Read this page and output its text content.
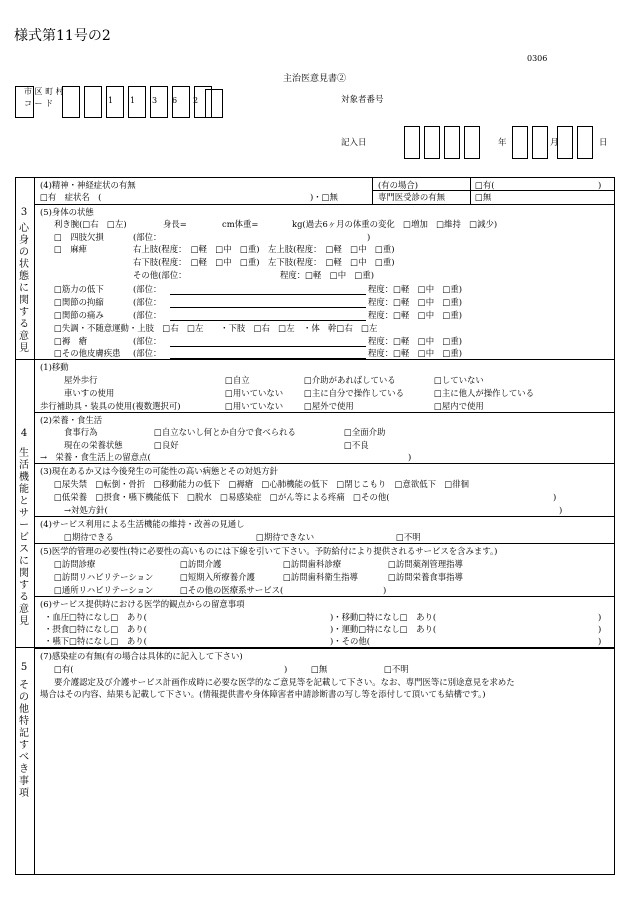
様式第11号の2
0306
主治医意見書②
市 区 町 村
コ ー ド	1 1 3 6 2	対象者番号
記入日	年	月	日
3
心身の状態に関する意見
4
生活機能とサービスに関する意見
5
その他特記すべき事項
(4)精神・神経症状の有無	(有の場合)	□有(	)
□有　症状名　(	)・□無	専門医受診の有無	□無
(5)身体の状態
利き腕(□右　□左)	身長=	cm体重=	kg(過去6ヶ月の体重の変化　□増加　□維持　□減少)
□　四肢欠損	(部位：	)
□　麻痺	右上肢(程度：　□軽　□中　□重)　左上肢(程度：　□軽　□中　□重)
右下肢(程度：　□軽　□中　□重)　左下肢(程度：　□軽　□中　□重)
その他(部位：	程度：□軽　□中　□重)
□筋力の低下	(部位：	程度：□軽　□中　□重)
□関節の拘縮	(部位：	程度：□軽　□中　□重)
□関節の痛み	(部位：	程度：□軽　□中　□重)
□失調・不随意運動・上肢　□右　□左　　・下肢　□右　□左　・体　幹□右　□左
□褥　瘡	(部位：	程度：□軽　□中　□重)
□その他皮膚疾患 (部位：	程度：□軽　□中　□重)
(1)移動
屋外歩行	□自立	□介助があればしている	□していない
車いすの使用	□用いていない □主に自分で操作している	□主に他人が操作している
歩行補助具・装具の使用(複数選択可)	□用いていない □屋外で使用	□屋内で使用
(2)栄養・食生活
食事行為	□自立ないし何とか自分で食べられる	□全面介助
現在の栄養状態	□良好	□不良
→　栄養・食生活上の留意点(	)
(3)現在あるか又は今後発生の可能性の高い病態とその対処方針
□尿失禁　□転倒・骨折　□移動能力の低下　□褥瘡　□心肺機能の低下　□閉じこもり　□意欲低下　□徘徊
□低栄養　□摂食・嚥下機能低下　□脱水　□易感染症　□がん等による疼痛　□その他(	)
→対処方針(	)
(4)サービス利用による生活機能の維持・改善の見通し
□期待できる	□期待できない	□不明
(5)医学的管理の必要性(特に必要性の高いものには下線を引いて下さい。予防給付により提供されるサービスを含みます。)
□訪問診療	□訪問介護	□訪問歯科診療	□訪問薬剤管理指導
□訪問リハビリテーション	□短期入所療養介護	□訪問歯科衛生指導	□訪問栄養食事指導
□通所リハビリテーション	□その他の医療系サービス(	)
(6)サービス提供時における医学的観点からの留意事項
・血圧□特になし□　あり(	)・移動□特になし□　あり(	)
・摂食□特になし□　あり(	)・運動□特になし□　あり(	)
・嚥下□特になし□　あり(	)・その他(	)
(7)感染症の有無(有の場合は具体的に記入して下さい)
□有(	)	□無	□不明
要介護認定及び介護サービス計画作成時に必要な医学的なご意見等を記載して下さい。なお、専門医等に別途意見を求めた
場合はその内容、結果も記載して下さい。(情報提供書や身体障害者申請診断書の写し等を添付して頂いても結構です。)
